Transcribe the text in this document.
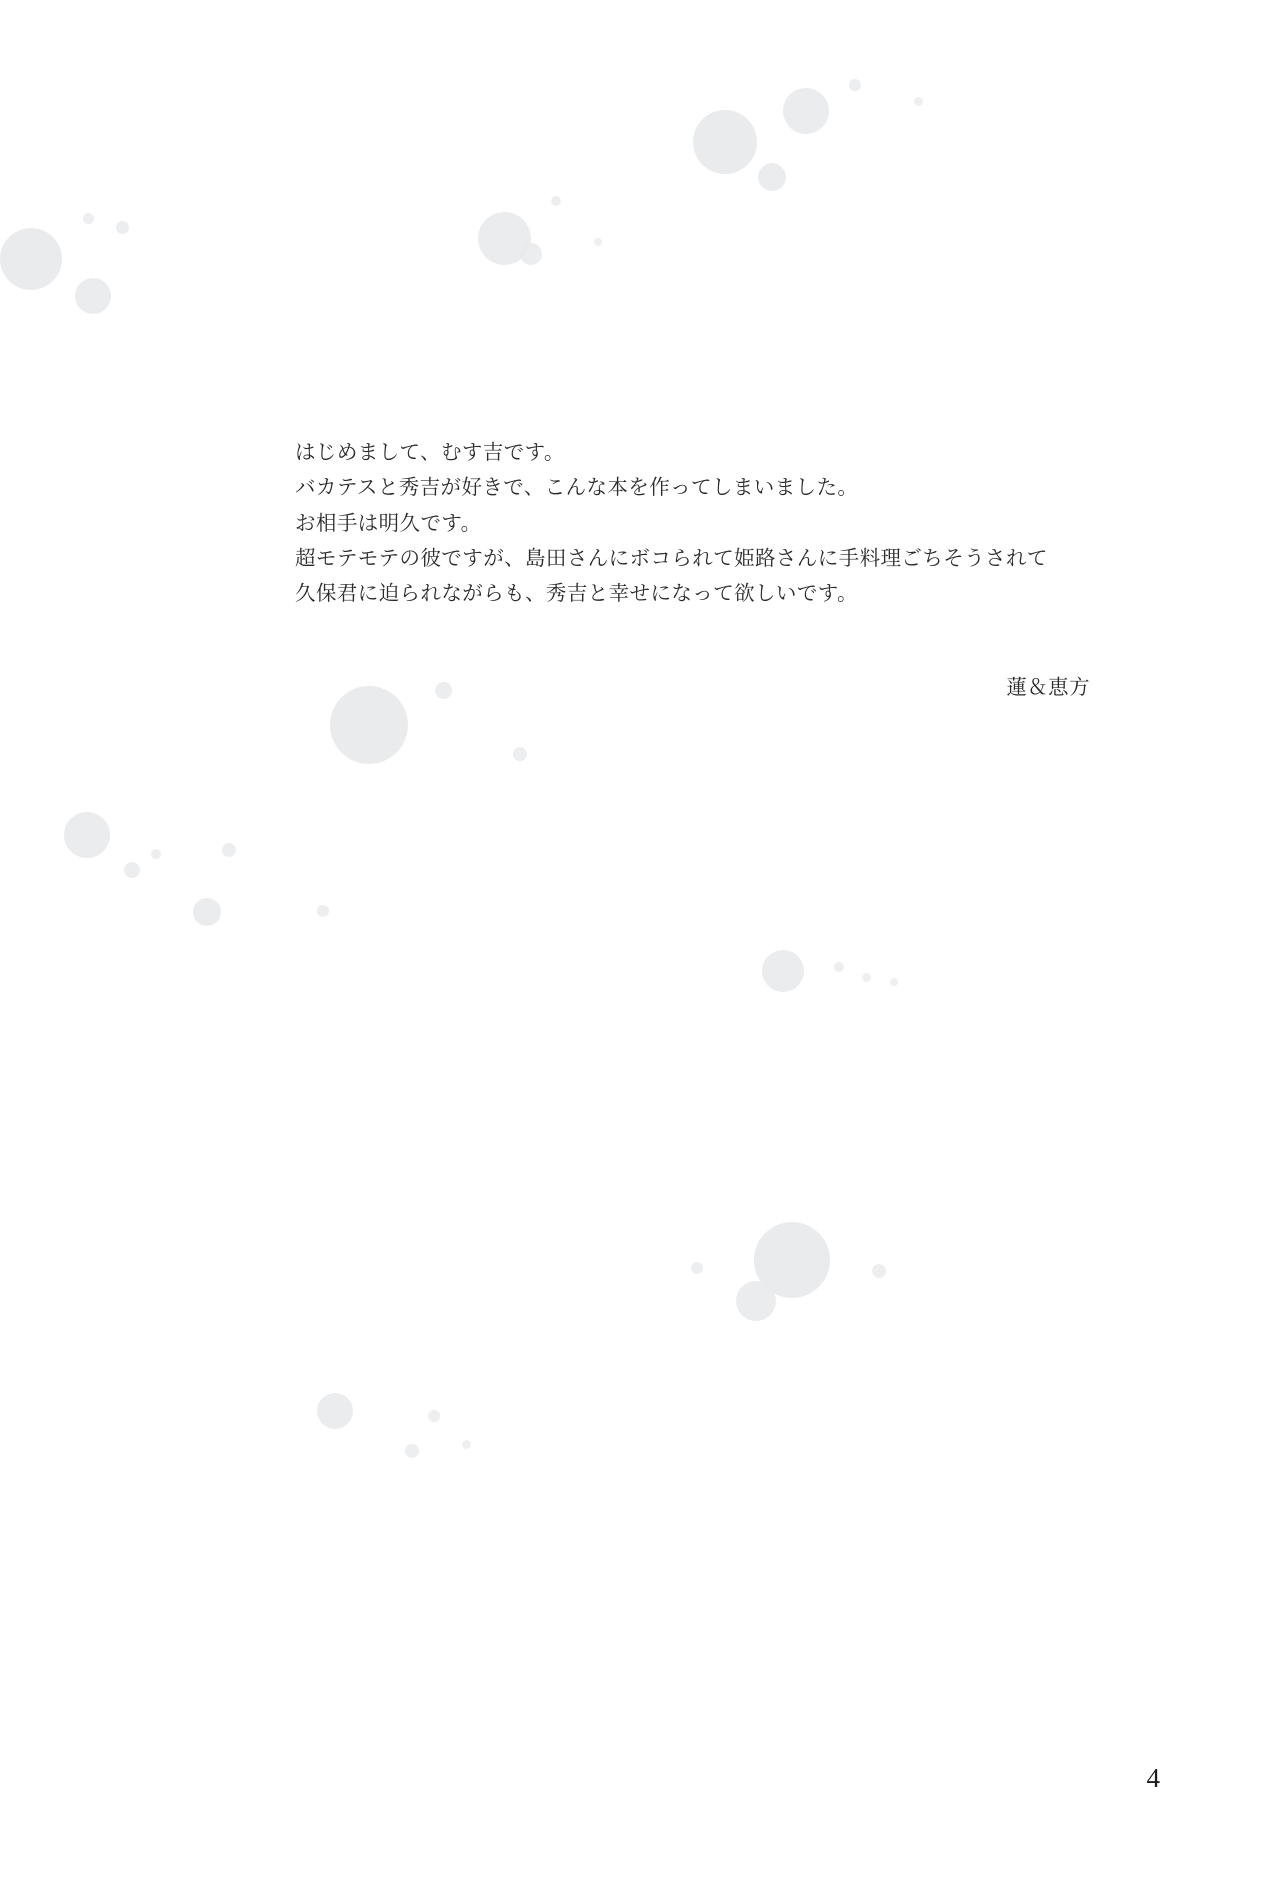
はじめまして、むす吉です。

バカテスと秀吉が好きで、こんな本を作ってしまいました。

お相手は明久です。

超モテモテの彼ですが、島田さんにボコられて姫路さんに手料理ごちそうされて

久保君に迫られながらも、秀吉と幸せになって欲しいです。

蓮＆恵方
4
